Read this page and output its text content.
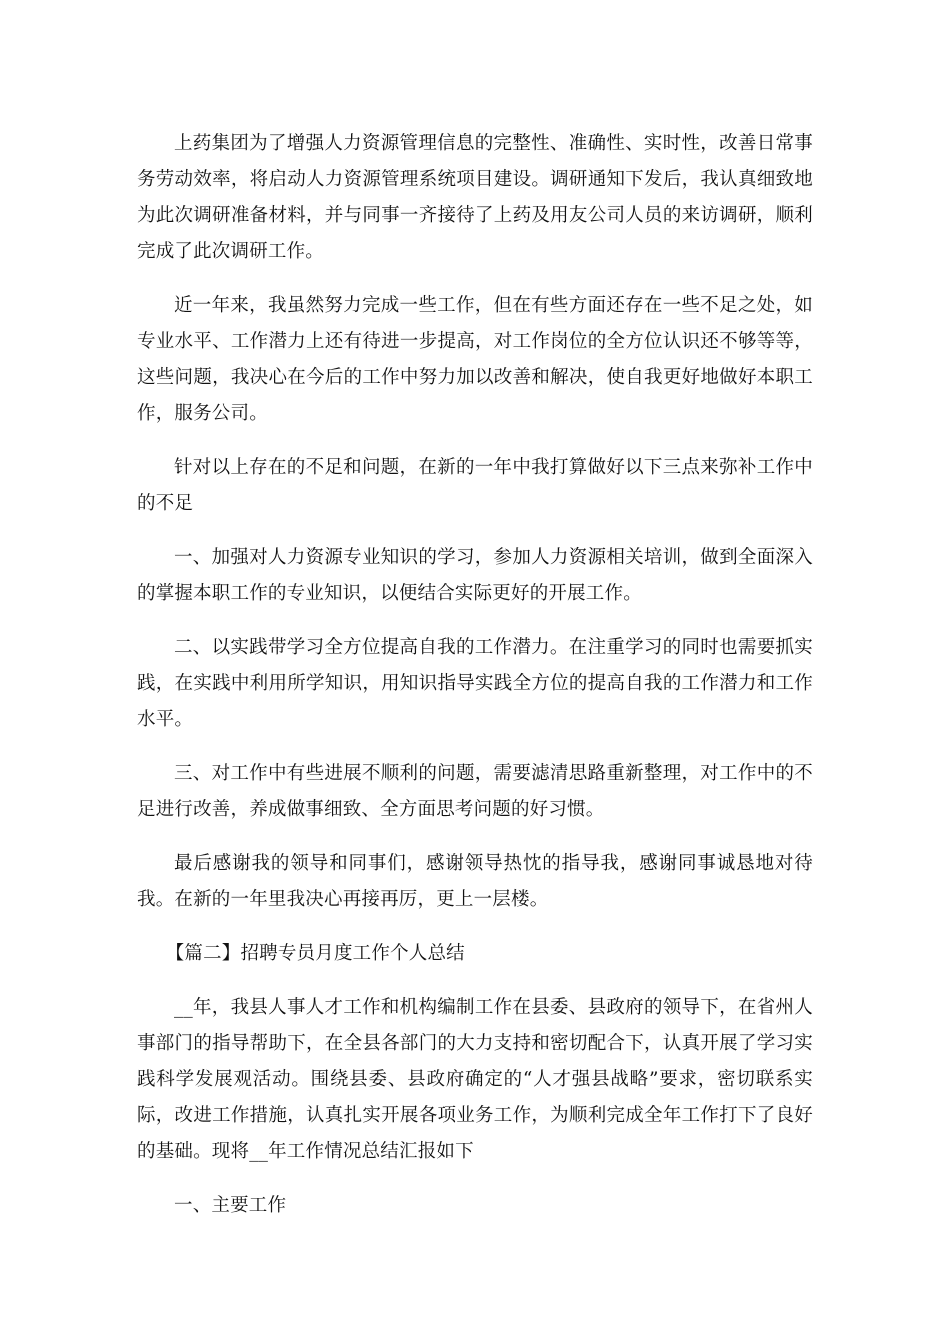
上药集团为了增强人力资源管理信息的完整性、准确性、实时性，改善日常事务劳动效率，将启动人力资源管理系统项目建设。调研通知下发后，我认真细致地为此次调研准备材料，并与同事一齐接待了上药及用友公司人员的来访调研，顺利完成了此次调研工作。

近一年来，我虽然努力完成一些工作，但在有些方面还存在一些不足之处，如专业水平、工作潜力上还有待进一步提高，对工作岗位的全方位认识还不够等等，这些问题，我决心在今后的工作中努力加以改善和解决，使自我更好地做好本职工作，服务公司。

针对以上存在的不足和问题，在新的一年中我打算做好以下三点来弥补工作中的不足

一、加强对人力资源专业知识的学习，参加人力资源相关培训，做到全面深入的掌握本职工作的专业知识，以便结合实际更好的开展工作。

二、以实践带学习全方位提高自我的工作潜力。在注重学习的同时也需要抓实践，在实践中利用所学知识，用知识指导实践全方位的提高自我的工作潜力和工作水平。

三、对工作中有些进展不顺利的问题，需要滤清思路重新整理，对工作中的不足进行改善，养成做事细致、全方面思考问题的好习惯。

最后感谢我的领导和同事们，感谢领导热忱的指导我，感谢同事诚恳地对待我。在新的一年里我决心再接再厉，更上一层楼。

【篇二】招聘专员月度工作个人总结

__年，我县人事人才工作和机构编制工作在县委、县政府的领导下，在省州人事部门的指导帮助下，在全县各部门的大力支持和密切配合下，认真开展了学习实践科学发展观活动。围绕县委、县政府确定的“人才强县战略”要求，密切联系实际，改进工作措施，认真扎实开展各项业务工作，为顺利完成全年工作打下了良好的基础。现将__年工作情况总结汇报如下

一、主要工作
